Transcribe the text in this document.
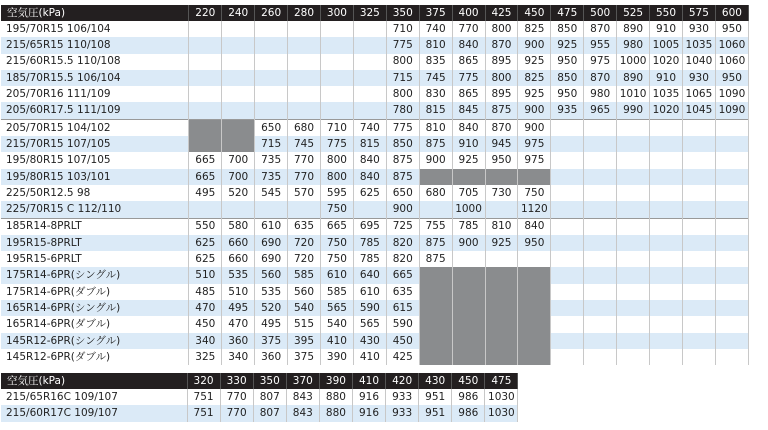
空気圧(kPa)	220	240	260	280	300	325	350	375	400	425	450	475	500	525	550	575	600
195/70R15 106/104							710	740	770	800	825	850	870	890	910	930	950
215/65R15 110/108							775	810	840	870	900	925	955	980	1005	1035	1060
215/60R15.5 110/108							800	835	865	895	925	950	975	1000	1020	1040	1060
185/70R15.5 106/104							715	745	775	800	825	850	870	890	910	930	950
205/70R16 111/109							800	830	865	895	925	950	980	1010	1035	1065	1090
205/60R17.5 111/109							780	815	845	875	900	935	965	990	1020	1045	1090
205/70R15 104/102			650	680	710	740	775	810	840	870	900						
215/70R15 107/105			715	745	775	815	850	875	910	945	975						
195/80R15 107/105	665	700	735	770	800	840	875	900	925	950	975						
195/80R15 103/101	665	700	735	770	800	840	875										
225/50R12.5 98	495	520	545	570	595	625	650	680	705	730	750						
225/70R15 C 112/110					750		900		1000		1120						
185R14-8PRLT	550	580	610	635	665	695	725	755	785	810	840						
195R15-8PRLT	625	660	690	720	750	785	820	875	900	925	950						
195R15-6PRLT	625	660	690	720	750	785	820	875									
175R14-6PR(シングル)	510	535	560	585	610	640	665										
175R14-6PR(ダブル)	485	510	535	560	585	610	635										
165R14-6PR(シングル)	470	495	520	540	565	590	615										
165R14-6PR(ダブル)	450	470	495	515	540	565	590										
145R12-6PR(シングル)	340	360	375	395	410	430	450										
145R12-6PR(ダブル)	325	340	360	375	390	410	425										
空気圧(kPa)	320	330	350	370	390	410	420	430	450	475
215/65R16C 109/107	751	770	807	843	880	916	933	951	986	1030
215/60R17C 109/107	751	770	807	843	880	916	933	951	986	1030
